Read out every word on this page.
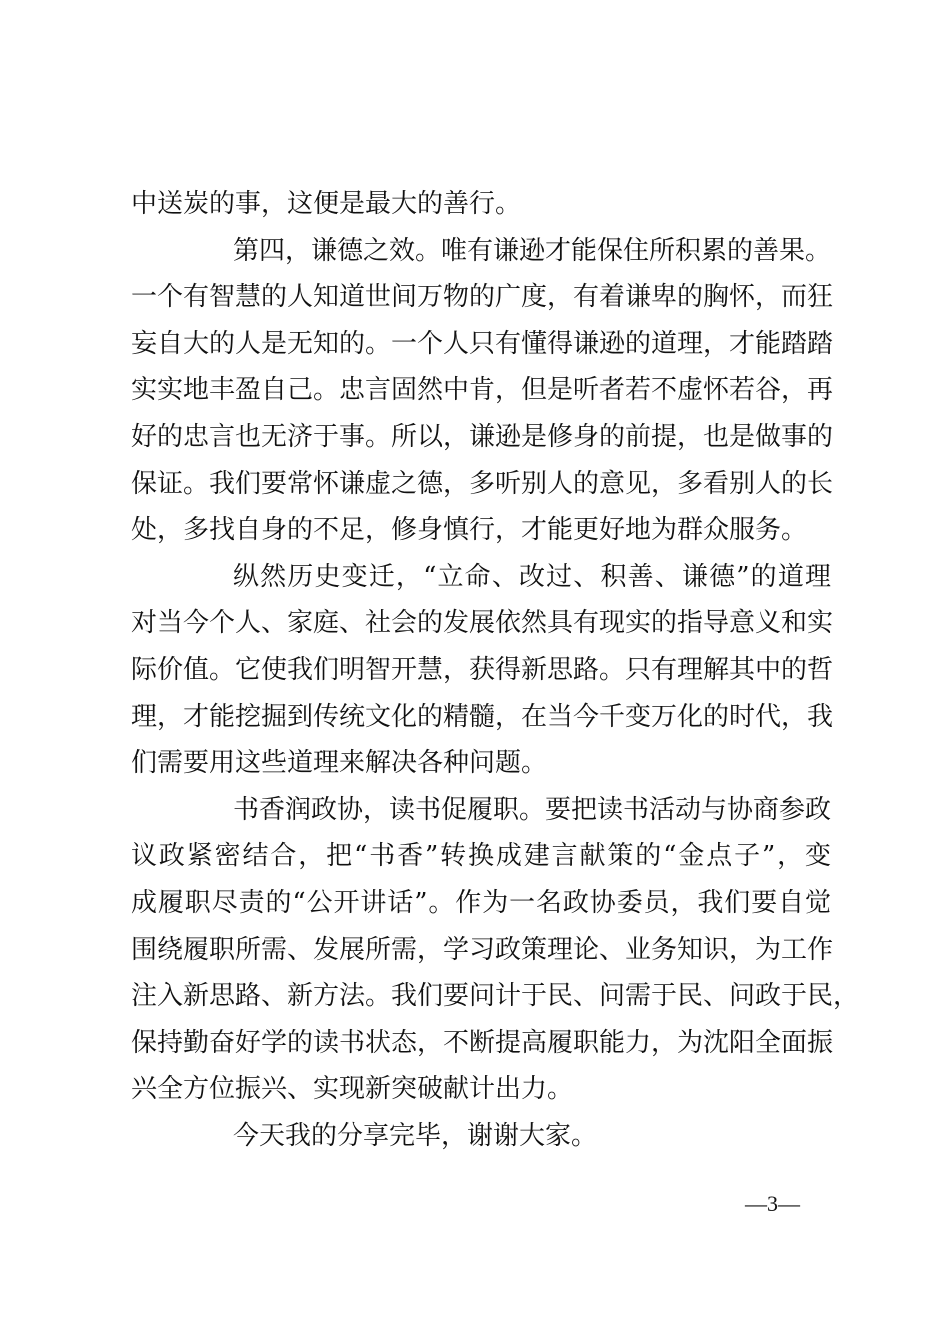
中送炭的事，这便是最大的善行。
第四，谦德之效。唯有谦逊才能保住所积累的善果。
一个有智慧的人知道世间万物的广度，有着谦卑的胸怀，而狂
妄自大的人是无知的。一个人只有懂得谦逊的道理，才能踏踏
实实地丰盈自己。忠言固然中肯，但是听者若不虚怀若谷，再
好的忠言也无济于事。所以，谦逊是修身的前提，也是做事的
保证。我们要常怀谦虚之德，多听别人的意见，多看别人的长
处，多找自身的不足，修身慎行，才能更好地为群众服务。
纵然历史变迁，“立命、改过、积善、谦德”的道理
对当今个人、家庭、社会的发展依然具有现实的指导意义和实
际价值。它使我们明智开慧，获得新思路。只有理解其中的哲
理，才能挖掘到传统文化的精髓，在当今千变万化的时代，我
们需要用这些道理来解决各种问题。
书香润政协，读书促履职。要把读书活动与协商参政
议政紧密结合，把“书香”转换成建言献策的“金点子”，变
成履职尽责的“公开讲话”。作为一名政协委员，我们要自觉
围绕履职所需、发展所需，学习政策理论、业务知识，为工作
注入新思路、新方法。我们要问计于民、问需于民、问政于民，
保持勤奋好学的读书状态，不断提高履职能力，为沈阳全面振
兴全方位振兴、实现新突破献计出力。
今天我的分享完毕，谢谢大家。
—3—
